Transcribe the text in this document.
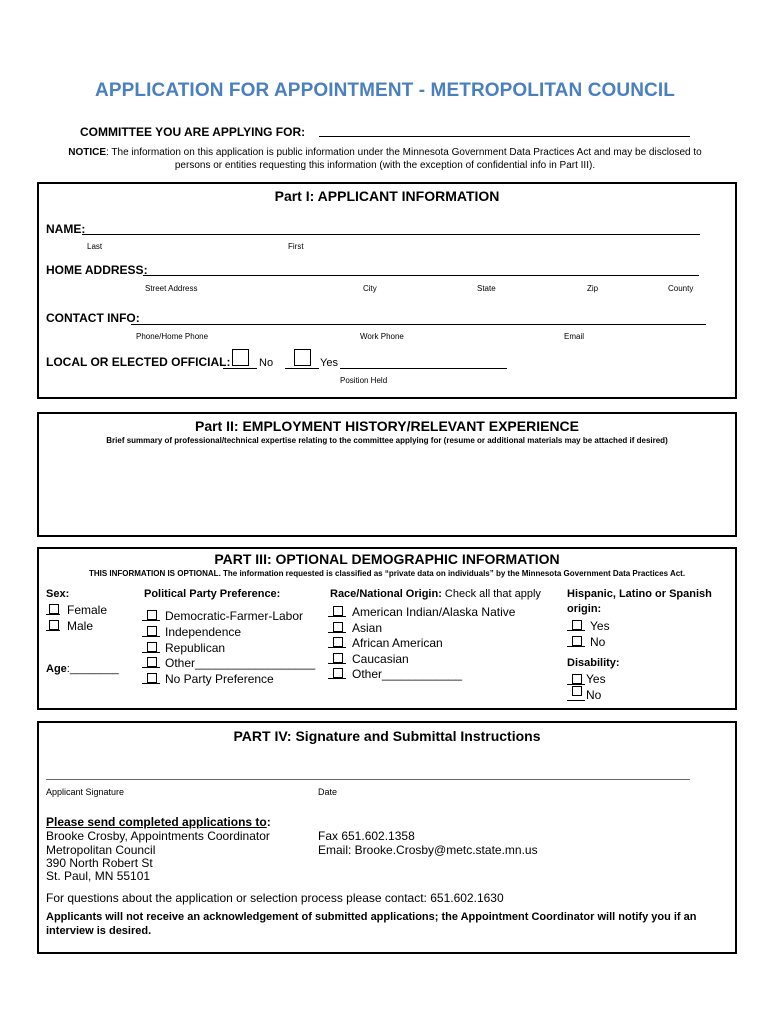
APPLICATION FOR APPOINTMENT - METROPOLITAN COUNCIL
COMMITTEE YOU ARE APPLYING FOR:
NOTICE: The information on this application is public information under the Minnesota Government Data Practices Act and may be disclosed to
persons or entities requesting this information (with the exception of confidential info in Part III).
Part I: APPLICANT INFORMATION
NAME:
Last	First
HOME ADDRESS:
Street Address	City	State	Zip	County
CONTACT INFO:
Phone/Home Phone	Work Phone	Email
LOCAL OR ELECTED OFFICIAL:	No	Yes
Position Held
Part II: EMPLOYMENT HISTORY/RELEVANT EXPERIENCE
Brief summary of professional/technical expertise relating to the committee applying for (resume or additional materials may be attached if desired)
PART III: OPTIONAL DEMOGRAPHIC INFORMATION
THIS INFORMATION IS OPTIONAL. The information requested is classified as “private data on individuals” by the Minnesota Government Data Practices Act.
Sex:
Female
Male
Age:________
Political Party Preference:
Democratic-Farmer-Labor
Independence
Republican
Other__________________
No Party Preference
Race/National Origin: Check all that apply
American Indian/Alaska Native
Asian
African American
Caucasian
Other____________
Hispanic, Latino or Spanish
origin:
Yes
No
Disability:
Yes
No
PART IV: Signature and Submittal Instructions
Applicant Signature	Date
Please send completed applications to:
Brooke Crosby, Appointments Coordinator
Metropolitan Council
390 North Robert St
St. Paul, MN 55101
Fax 651.602.1358
Email: Brooke.Crosby@metc.state.mn.us
For questions about the application or selection process please contact: 651.602.1630
Applicants will not receive an acknowledgement of submitted applications; the Appointment Coordinator will notify you if an
interview is desired.
